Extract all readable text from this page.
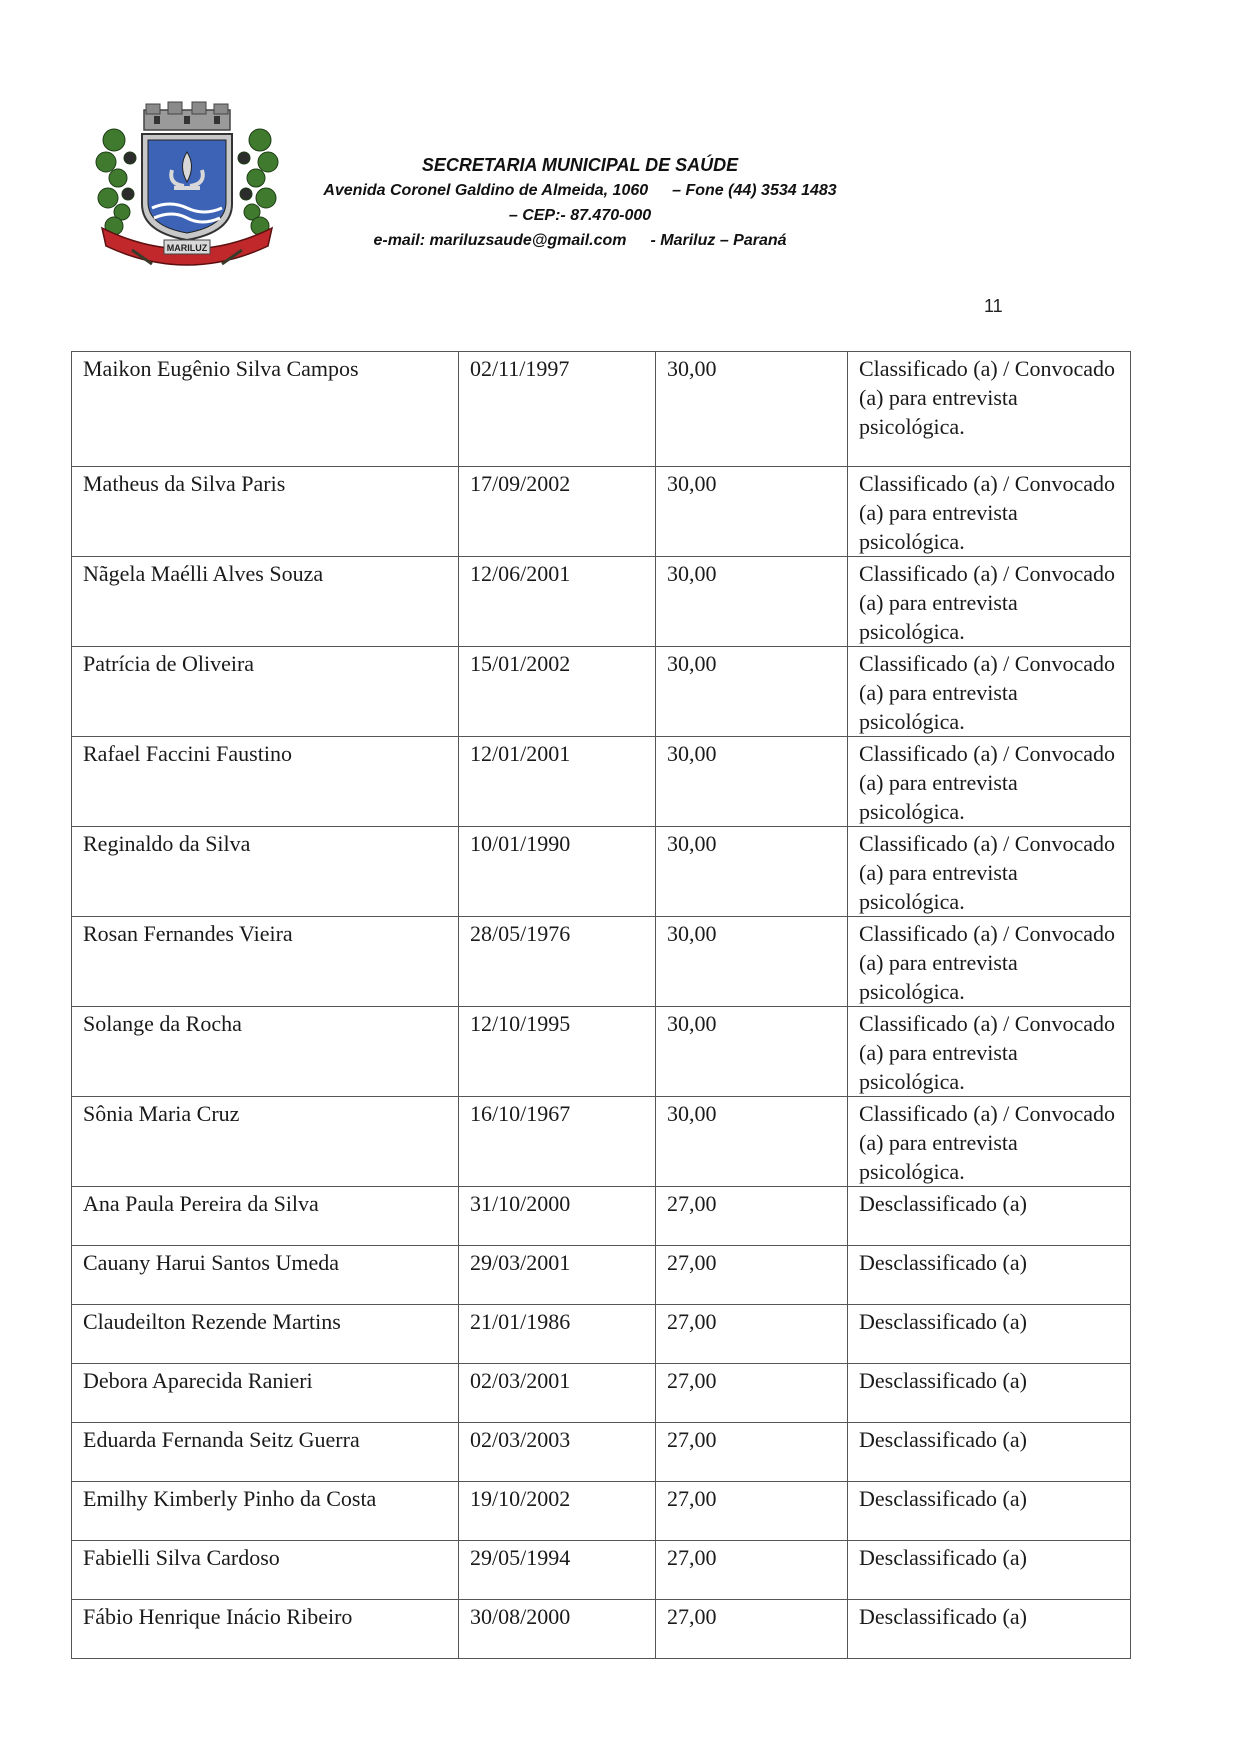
MARILUZ
SECRETARIA MUNICIPAL DE SAÚDE
Avenida Coronel Galdino de Almeida, 1060 – Fone (44) 3534 1483
– CEP:- 87.470-000
e-mail: mariluzsaude@gmail.com - Mariluz – Paraná
11
Maikon Eugênio Silva Campos	02/11/1997	30,00	Classificado (a) / Convocado (a) para entrevista psicológica.
Matheus da Silva Paris	17/09/2002	30,00	Classificado (a) / Convocado (a) para entrevista psicológica.
Nãgela Maélli Alves Souza	12/06/2001	30,00	Classificado (a) / Convocado (a) para entrevista psicológica.
Patrícia de Oliveira	15/01/2002	30,00	Classificado (a) / Convocado (a) para entrevista psicológica.
Rafael Faccini Faustino	12/01/2001	30,00	Classificado (a) / Convocado (a) para entrevista psicológica.
Reginaldo da Silva	10/01/1990	30,00	Classificado (a) / Convocado (a) para entrevista psicológica.
Rosan Fernandes Vieira	28/05/1976	30,00	Classificado (a) / Convocado (a) para entrevista psicológica.
Solange da Rocha	12/10/1995	30,00	Classificado (a) / Convocado (a) para entrevista psicológica.
Sônia Maria Cruz	16/10/1967	30,00	Classificado (a) / Convocado (a) para entrevista psicológica.
Ana Paula Pereira da Silva	31/10/2000	27,00	Desclassificado (a)
Cauany Harui Santos Umeda	29/03/2001	27,00	Desclassificado (a)
Claudeilton Rezende Martins	21/01/1986	27,00	Desclassificado (a)
Debora Aparecida Ranieri	02/03/2001	27,00	Desclassificado (a)
Eduarda Fernanda Seitz Guerra	02/03/2003	27,00	Desclassificado (a)
Emilhy Kimberly Pinho da Costa	19/10/2002	27,00	Desclassificado (a)
Fabielli Silva Cardoso	29/05/1994	27,00	Desclassificado (a)
Fábio Henrique Inácio Ribeiro	30/08/2000	27,00	Desclassificado (a)
